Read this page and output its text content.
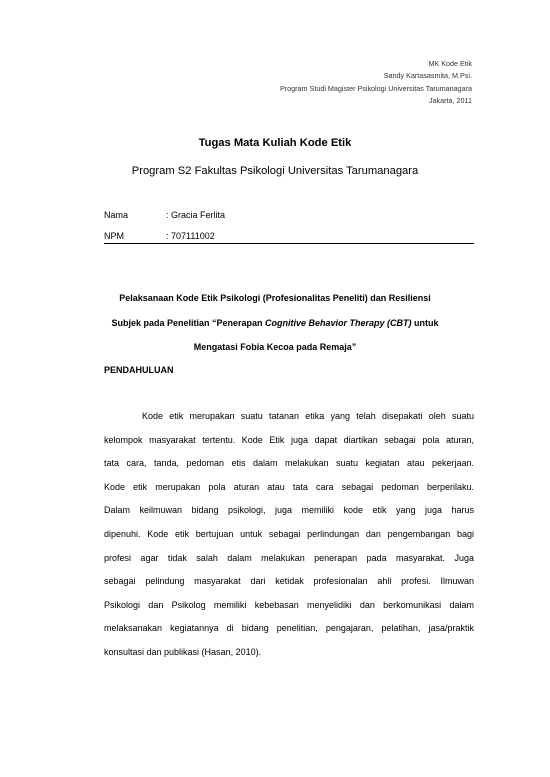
MK Kode Etik
Sandy Kartasasmita, M.Psi.
Program Studi Magister Psikologi Universitas Tarumanagara
Jakarta, 2011
Tugas Mata Kuliah Kode Etik
Program S2 Fakultas Psikologi Universitas Tarumanagara
Nama	: Gracia Ferlita
NPM	: 707111002
Pelaksanaan Kode Etik Psikologi (Profesionalitas Peneliti) dan Resiliensi
Subjek pada Penelitian “Penerapan Cognitive Behavior Therapy (CBT) untuk
Mengatasi Fobia Kecoa pada Remaja”
PENDAHULUAN
Kode etik merupakan suatu tatanan etika yang telah disepakati oleh suatu
kelompok masyarakat tertentu. Kode Etik juga dapat diartikan sebagai pola aturan,
tata cara, tanda, pedoman etis dalam melakukan suatu kegiatan atau pekerjaan.
Kode etik merupakan pola aturan atau tata cara sebagai pedoman berperilaku.
Dalam keilmuwan bidang psikologi, juga memiliki kode etik yang juga harus
dipenuhi. Kode etik bertujuan untuk sebagai perlindungan dan pengembangan bagi
profesi agar tidak salah dalam melakukan penerapan pada masyarakat. Juga
sebagai pelindung masyarakat dari ketidak profesionalan ahli profesi. Ilmuwan
Psikologi dan Psikolog memiliki kebebasan menyelidiki dan berkomunikasi dalam
melaksanakan kegiatannya di bidang penelitian, pengajaran, pelatihan, jasa/praktik
konsultasi dan publikasi (Hasan, 2010).
